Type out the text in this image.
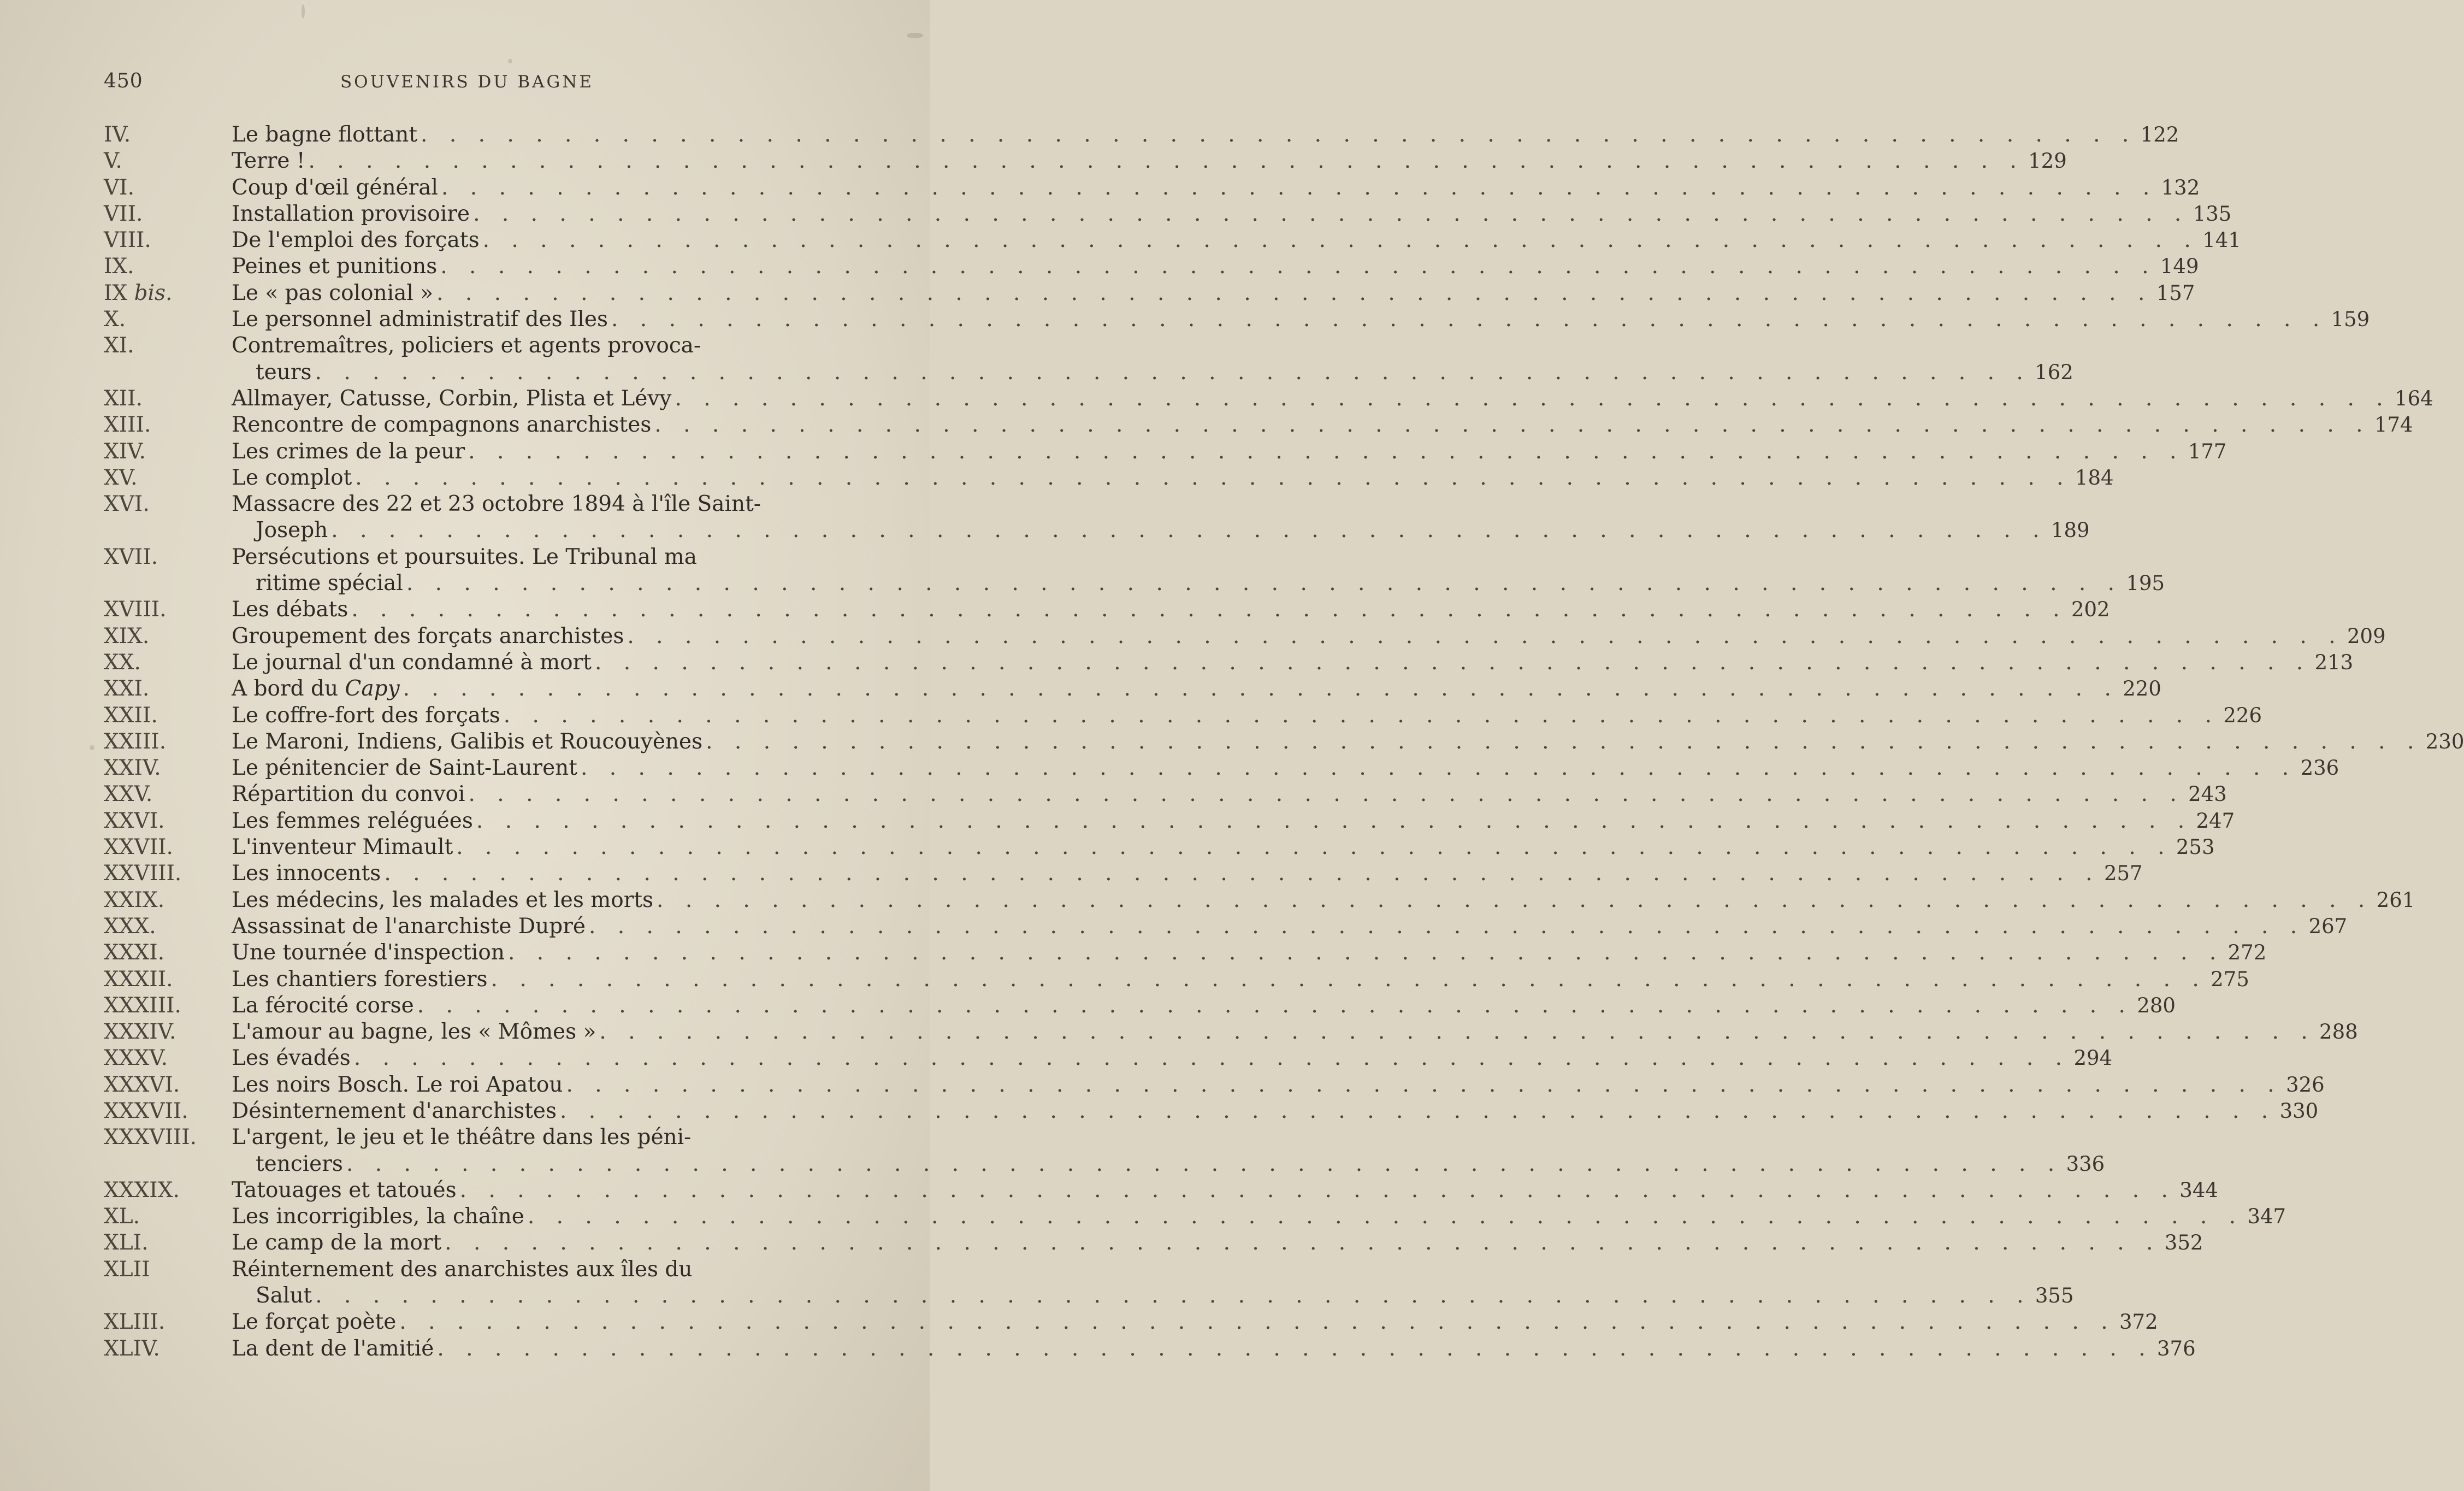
450	SOUVENIRS DU BAGNE
IV.	Le bagne flottant . . . . . . . . . . . . . . . . . . . . . . . . . . . . . . . . . . . . . . . . . . . . . . . . . . . . . . . . . . . . 122
V.	Terre ! . . . . . . . . . . . . . . . . . . . . . . . . . . . . . . . . . . . . . . . . . . . . . . . . . . . . . . . . . . . . 129
VI.	Coup d'œil général . . . . . . . . . . . . . . . . . . . . . . . . . . . . . . . . . . . . . . . . . . . . . . . . . . . . . . . . . . . . 132
VII.	Installation provisoire . . . . . . . . . . . . . . . . . . . . . . . . . . . . . . . . . . . . . . . . . . . . . . . . . . . . . . . . . . . . 135
VIII.	De l'emploi des forçats . . . . . . . . . . . . . . . . . . . . . . . . . . . . . . . . . . . . . . . . . . . . . . . . . . . . . . . . . . . . 141
IX.	Peines et punitions . . . . . . . . . . . . . . . . . . . . . . . . . . . . . . . . . . . . . . . . . . . . . . . . . . . . . . . . . . . . 149
IX bis.	Le « pas colonial » . . . . . . . . . . . . . . . . . . . . . . . . . . . . . . . . . . . . . . . . . . . . . . . . . . . . . . . . . . . . 157
X.	Le personnel administratif des Iles . . . . . . . . . . . . . . . . . . . . . . . . . . . . . . . . . . . . . . . . . . . . . . . . . . . . . . . . . . . . 159
XI.	Contremaîtres, policiers et agents provoca-
teurs . . . . . . . . . . . . . . . . . . . . . . . . . . . . . . . . . . . . . . . . . . . . . . . . . . . . . . . . . . . . 162
XII.	Allmayer, Catusse, Corbin, Plista et Lévy . . . . . . . . . . . . . . . . . . . . . . . . . . . . . . . . . . . . . . . . . . . . . . . . . . . . . . . . . . . . 164
XIII.	Rencontre de compagnons anarchistes . . . . . . . . . . . . . . . . . . . . . . . . . . . . . . . . . . . . . . . . . . . . . . . . . . . . . . . . . . . . 174
XIV.	Les crimes de la peur . . . . . . . . . . . . . . . . . . . . . . . . . . . . . . . . . . . . . . . . . . . . . . . . . . . . . . . . . . . . 177
XV.	Le complot . . . . . . . . . . . . . . . . . . . . . . . . . . . . . . . . . . . . . . . . . . . . . . . . . . . . . . . . . . . . 184
XVI.	Massacre des 22 et 23 octobre 1894 à l'île Saint-
Joseph . . . . . . . . . . . . . . . . . . . . . . . . . . . . . . . . . . . . . . . . . . . . . . . . . . . . . . . . . . . . 189
XVII.	Persécutions et poursuites. Le Tribunal ma
ritime spécial . . . . . . . . . . . . . . . . . . . . . . . . . . . . . . . . . . . . . . . . . . . . . . . . . . . . . . . . . . . . 195
XVIII.	Les débats . . . . . . . . . . . . . . . . . . . . . . . . . . . . . . . . . . . . . . . . . . . . . . . . . . . . . . . . . . . . 202
XIX.	Groupement des forçats anarchistes . . . . . . . . . . . . . . . . . . . . . . . . . . . . . . . . . . . . . . . . . . . . . . . . . . . . . . . . . . . . 209
XX.	Le journal d'un condamné à mort . . . . . . . . . . . . . . . . . . . . . . . . . . . . . . . . . . . . . . . . . . . . . . . . . . . . . . . . . . . . 213
XXI.	A bord du Capy . . . . . . . . . . . . . . . . . . . . . . . . . . . . . . . . . . . . . . . . . . . . . . . . . . . . . . . . . . . . 220
XXII.	Le coffre-fort des forçats . . . . . . . . . . . . . . . . . . . . . . . . . . . . . . . . . . . . . . . . . . . . . . . . . . . . . . . . . . . . 226
XXIII.	Le Maroni, Indiens, Galibis et Roucouyènes . . . . . . . . . . . . . . . . . . . . . . . . . . . . . . . . . . . . . . . . . . . . . . . . . . . . . . . . . . . . 230
XXIV.	Le pénitencier de Saint-Laurent . . . . . . . . . . . . . . . . . . . . . . . . . . . . . . . . . . . . . . . . . . . . . . . . . . . . . . . . . . . . 236
XXV.	Répartition du convoi . . . . . . . . . . . . . . . . . . . . . . . . . . . . . . . . . . . . . . . . . . . . . . . . . . . . . . . . . . . . 243
XXVI.	Les femmes reléguées . . . . . . . . . . . . . . . . . . . . . . . . . . . . . . . . . . . . . . . . . . . . . . . . . . . . . . . . . . . . 247
XXVII.	L'inventeur Mimault . . . . . . . . . . . . . . . . . . . . . . . . . . . . . . . . . . . . . . . . . . . . . . . . . . . . . . . . . . . . 253
XXVIII.	Les innocents . . . . . . . . . . . . . . . . . . . . . . . . . . . . . . . . . . . . . . . . . . . . . . . . . . . . . . . . . . . . 257
XXIX.	Les médecins, les malades et les morts . . . . . . . . . . . . . . . . . . . . . . . . . . . . . . . . . . . . . . . . . . . . . . . . . . . . . . . . . . . . 261
XXX.	Assassinat de l'anarchiste Dupré . . . . . . . . . . . . . . . . . . . . . . . . . . . . . . . . . . . . . . . . . . . . . . . . . . . . . . . . . . . . 267
XXXI.	Une tournée d'inspection . . . . . . . . . . . . . . . . . . . . . . . . . . . . . . . . . . . . . . . . . . . . . . . . . . . . . . . . . . . . 272
XXXII.	Les chantiers forestiers . . . . . . . . . . . . . . . . . . . . . . . . . . . . . . . . . . . . . . . . . . . . . . . . . . . . . . . . . . . . 275
XXXIII.	La férocité corse . . . . . . . . . . . . . . . . . . . . . . . . . . . . . . . . . . . . . . . . . . . . . . . . . . . . . . . . . . . . 280
XXXIV.	L'amour au bagne, les « Mômes » . . . . . . . . . . . . . . . . . . . . . . . . . . . . . . . . . . . . . . . . . . . . . . . . . . . . . . . . . . . . 288
XXXV.	Les évadés . . . . . . . . . . . . . . . . . . . . . . . . . . . . . . . . . . . . . . . . . . . . . . . . . . . . . . . . . . . . 294
XXXVI.	Les noirs Bosch. Le roi Apatou . . . . . . . . . . . . . . . . . . . . . . . . . . . . . . . . . . . . . . . . . . . . . . . . . . . . . . . . . . . . 326
XXXVII.	Désinternement d'anarchistes . . . . . . . . . . . . . . . . . . . . . . . . . . . . . . . . . . . . . . . . . . . . . . . . . . . . . . . . . . . . 330
XXXVIII.	L'argent, le jeu et le théâtre dans les péni-
tenciers . . . . . . . . . . . . . . . . . . . . . . . . . . . . . . . . . . . . . . . . . . . . . . . . . . . . . . . . . . . . 336
XXXIX.	Tatouages et tatoués . . . . . . . . . . . . . . . . . . . . . . . . . . . . . . . . . . . . . . . . . . . . . . . . . . . . . . . . . . . . 344
XL.	Les incorrigibles, la chaîne . . . . . . . . . . . . . . . . . . . . . . . . . . . . . . . . . . . . . . . . . . . . . . . . . . . . . . . . . . . . 347
XLI.	Le camp de la mort . . . . . . . . . . . . . . . . . . . . . . . . . . . . . . . . . . . . . . . . . . . . . . . . . . . . . . . . . . . . 352
XLII	Réinternement des anarchistes aux îles du
Salut . . . . . . . . . . . . . . . . . . . . . . . . . . . . . . . . . . . . . . . . . . . . . . . . . . . . . . . . . . . . 355
XLIII.	Le forçat poète . . . . . . . . . . . . . . . . . . . . . . . . . . . . . . . . . . . . . . . . . . . . . . . . . . . . . . . . . . . . 372
XLIV.	La dent de l'amitié . . . . . . . . . . . . . . . . . . . . . . . . . . . . . . . . . . . . . . . . . . . . . . . . . . . . . . . . . . . . 376
